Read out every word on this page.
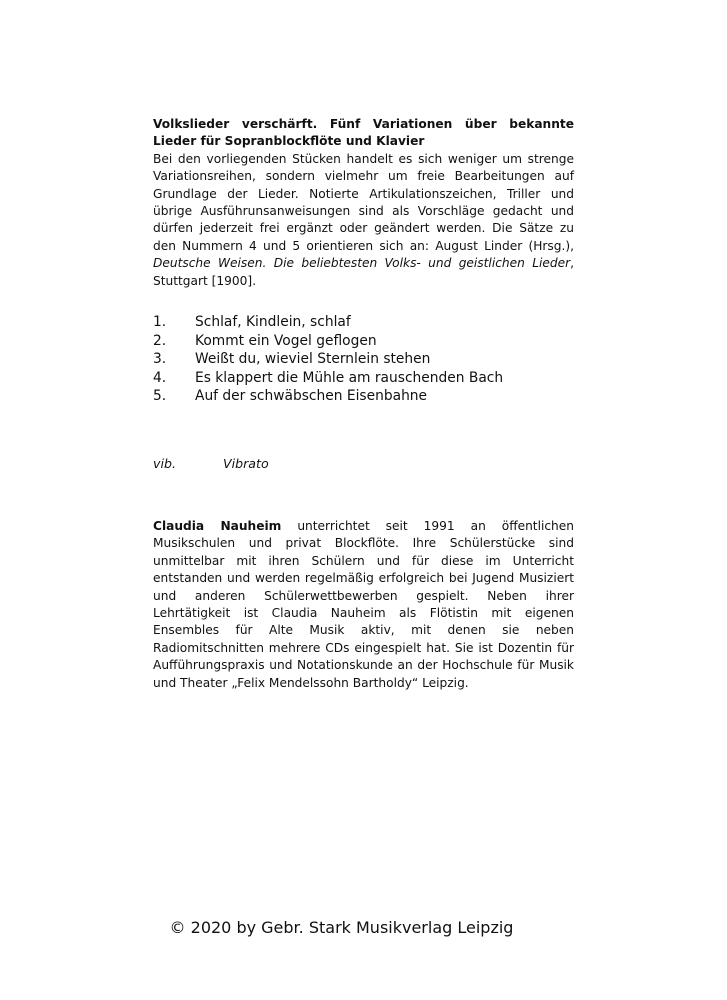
Volkslieder verschärft. Fünf Variationen über bekannte Lieder für Sopranblockflöte und Klavier

Bei den vorliegenden Stücken handelt es sich weniger um strenge Variationsreihen, sondern vielmehr um freie Bearbeitungen auf Grundlage der Lieder. Notierte Artikulationszeichen, Triller und übrige Ausführunsanweisungen sind als Vorschläge gedacht und dürfen jederzeit frei ergänzt oder geändert werden. Die Sätze zu den Nummern 4 und 5 orientieren sich an: August Linder (Hrsg.), Deutsche Weisen. Die beliebtesten Volks- und geistlichen Lieder, Stuttgart [1900].

1.	Schlaf, Kindlein, schlaf
2.	Kommt ein Vogel geflogen
3.	Weißt du, wieviel Sternlein stehen
4.	Es klappert die Mühle am rauschenden Bach
5.	Auf der schwäbschen Eisenbahne
vib.	Vibrato

Claudia Nauheim unterrichtet seit 1991 an öffentlichen Musikschulen und privat Blockflöte. Ihre Schülerstücke sind unmittelbar mit ihren Schülern und für diese im Unterricht entstanden und werden regelmäßig erfolgreich bei Jugend Musiziert und anderen Schülerwettbewerben gespielt. Neben ihrer Lehrtätigkeit ist Claudia Nauheim als Flötistin mit eigenen Ensembles für Alte Musik aktiv, mit denen sie neben Radiomitschnitten mehrere CDs eingespielt hat. Sie ist Dozentin für Aufführungspraxis und Notationskunde an der Hochschule für Musik und Theater „Felix Mendelssohn Bartholdy“ Leipzig.

© 2020 by Gebr. Stark Musikverlag Leipzig
